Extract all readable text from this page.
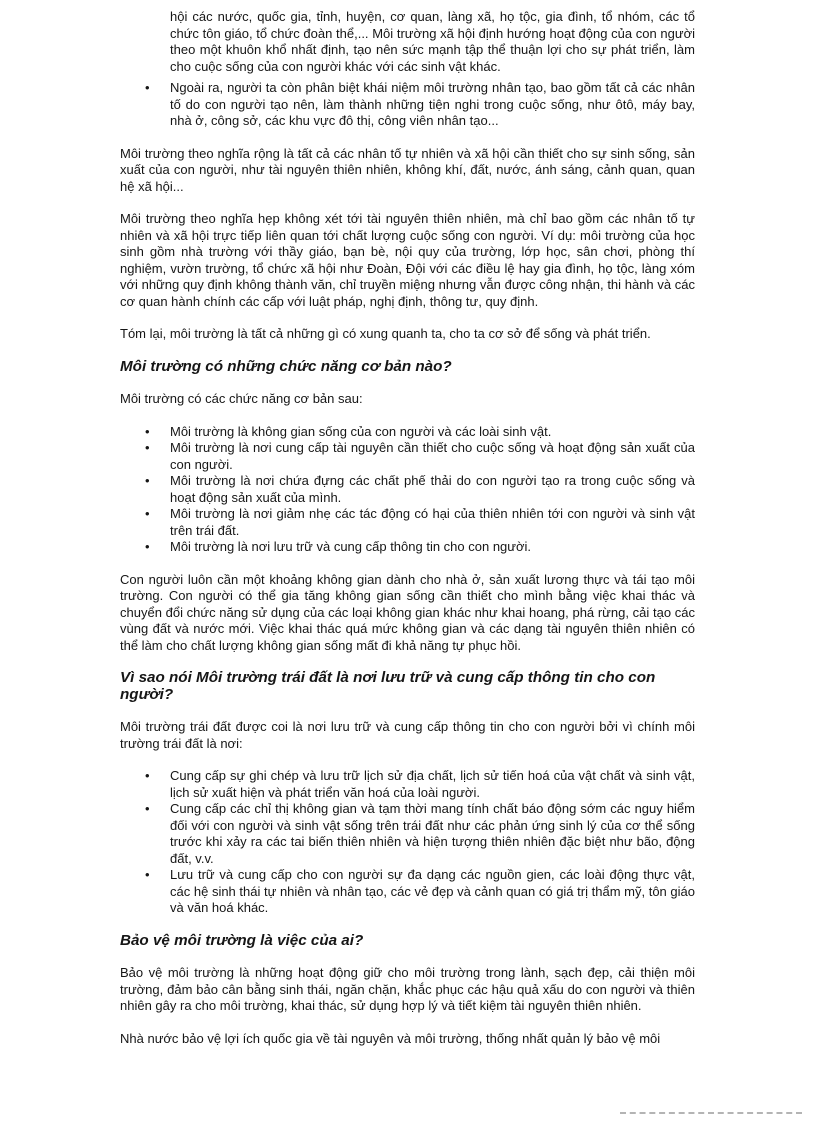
hội các nước, quốc gia, tỉnh, huyện, cơ quan, làng xã, họ tộc, gia đình, tổ nhóm, các tổ chức tôn giáo, tổ chức đoàn thể,... Môi trường xã hội định hướng hoạt động của con người theo một khuôn khổ nhất định, tạo nên sức mạnh tập thể thuận lợi cho sự phát triển, làm cho cuộc sống của con người khác với các sinh vật khác.
•	Ngoài ra, người ta còn phân biệt khái niệm môi trường nhân tạo, bao gồm tất cả các nhân tố do con người tạo nên, làm thành những tiện nghi trong cuộc sống, như ôtô, máy bay, nhà ở, công sở, các khu vực đô thị, công viên nhân tạo...

Môi trường theo nghĩa rộng là tất cả các nhân tố tự nhiên và xã hội cần thiết cho sự sinh sống, sản xuất của con người, như tài nguyên thiên nhiên, không khí, đất, nước, ánh sáng, cảnh quan, quan hệ xã hội...

Môi trường theo nghĩa hẹp không xét tới tài nguyên thiên nhiên, mà chỉ bao gồm các nhân tố tự nhiên và xã hội trực tiếp liên quan tới chất lượng cuộc sống con người. Ví dụ: môi trường của học sinh gồm nhà trường với thầy giáo, bạn bè, nội quy của trường, lớp học, sân chơi, phòng thí nghiệm, vườn trường, tổ chức xã hội như Đoàn, Đội với các điều lệ hay gia đình, họ tộc, làng xóm với những quy định không thành văn, chỉ truyền miệng nhưng vẫn được công nhận, thi hành và các cơ quan hành chính các cấp với luật pháp, nghị định, thông tư, quy định.

Tóm lại, môi trường là tất cả những gì có xung quanh ta, cho ta cơ sở để sống và phát triển.

Môi trường có những chức năng cơ bản nào?

Môi trường có các chức năng cơ bản sau:

•	Môi trường là không gian sống của con người và các loài sinh vật.
•	Môi trường là nơi cung cấp tài nguyên cần thiết cho cuộc sống và hoạt động sản xuất của con người.
•	Môi trường là nơi chứa đựng các chất phế thải do con người tạo ra trong cuộc sống và hoạt động sản xuất của mình.
•	Môi trường là nơi giảm nhẹ các tác động có hại của thiên nhiên tới con người và sinh vật trên trái đất.
•	Môi trường là nơi lưu trữ và cung cấp thông tin cho con người.

Con người luôn cần một khoảng không gian dành cho nhà ở, sản xuất lương thực và tái tạo môi trường. Con người có thể gia tăng không gian sống cần thiết cho mình bằng việc khai thác và chuyển đổi chức năng sử dụng của các loại không gian khác như khai hoang, phá rừng, cải tạo các vùng đất và nước mới. Việc khai thác quá mức không gian và các dạng tài nguyên thiên nhiên có thể làm cho chất lượng không gian sống mất đi khả năng tự phục hồi.

Vì sao nói Môi trường trái đất là nơi lưu trữ và cung cấp thông tin cho con người?

Môi trường trái đất được coi là nơi lưu trữ và cung cấp thông tin cho con người bởi vì chính môi trường trái đất là nơi:

•	Cung cấp sự ghi chép và lưu trữ lịch sử địa chất, lịch sử tiến hoá của vật chất và sinh vật, lịch sử xuất hiện và phát triển văn hoá của loài người.
•	Cung cấp các chỉ thị không gian và tạm thời mang tính chất báo động sớm các nguy hiểm đối với con người và sinh vật sống trên trái đất như các phản ứng sinh lý của cơ thể sống trước khi xảy ra các tai biến thiên nhiên và hiện tượng thiên nhiên đặc biệt như bão, động đất, v.v.
•	Lưu trữ và cung cấp cho con người sự đa dạng các nguồn gien, các loài động thực vật, các hệ sinh thái tự nhiên và nhân tạo, các vẻ đẹp và cảnh quan có giá trị thẩm mỹ, tôn giáo và văn hoá khác.
Bảo vệ môi trường là việc của ai?

Bảo vệ môi trường là những hoạt động giữ cho môi trường trong lành, sạch đẹp, cải thiện môi trường, đảm bảo cân bằng sinh thái, ngăn chặn, khắc phục các hậu quả xấu do con người và thiên nhiên gây ra cho môi trường, khai thác, sử dụng hợp lý và tiết kiệm tài nguyên thiên nhiên.

Nhà nước bảo vệ lợi ích quốc gia về tài nguyên và môi trường, thống nhất quản lý bảo vệ môi
